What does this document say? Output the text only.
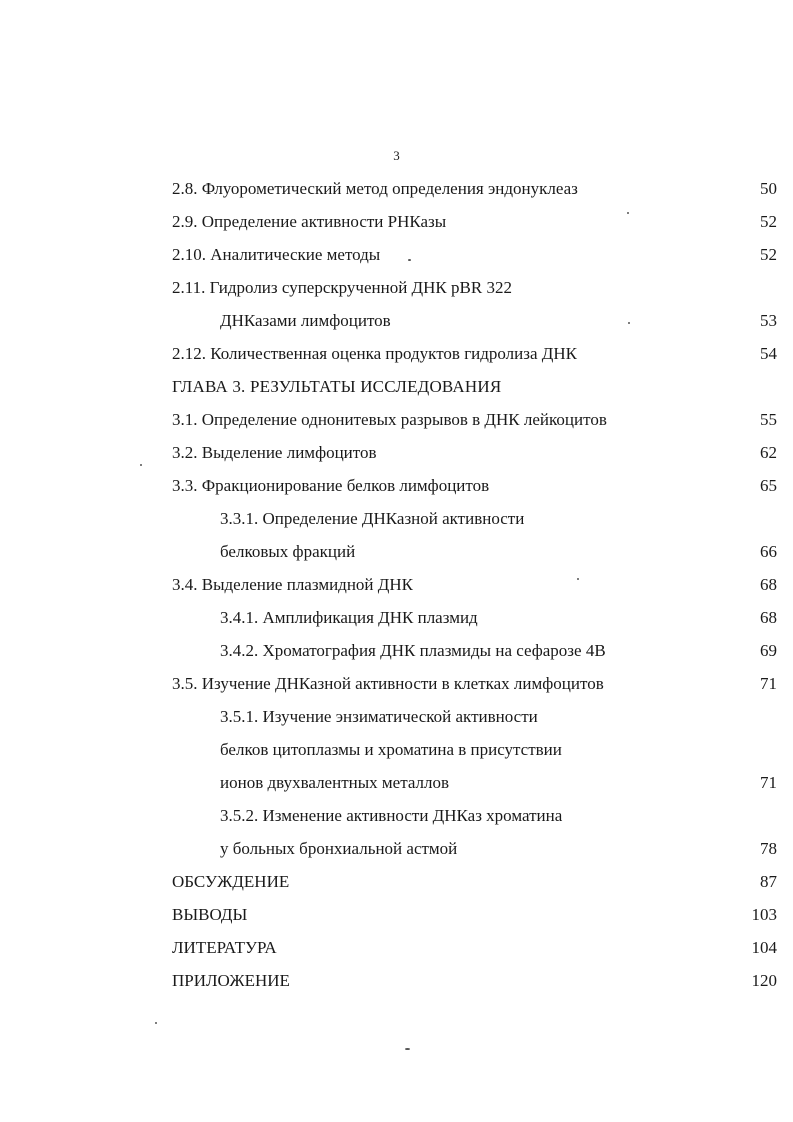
3
2.8. Флуорометический метод определения эндонуклеаз	50
2.9. Определение активности РНКазы	52
2.10. Аналитические методы	52
2.11. Гидролиз суперскрученной ДНК pBR 322
ДНКазами лимфоцитов	53
2.12. Количественная оценка продуктов гидролиза ДНК	54
ГЛАВА 3. РЕЗУЛЬТАТЫ ИССЛЕДОВАНИЯ
3.1. Определение однонитевых разрывов в ДНК лейкоцитов	55
3.2. Выделение лимфоцитов	62
3.3. Фракционирование белков лимфоцитов	65
3.3.1. Определение ДНКазной активности
белковых фракций	66
3.4. Выделение плазмидной ДНК	68
3.4.1. Амплификация ДНК плазмид	68
3.4.2. Хроматография ДНК плазмиды на сефарозе 4В	69
3.5. Изучение ДНКазной активности в клетках лимфоцитов	71
3.5.1. Изучение энзиматической активности
белков цитоплазмы и хроматина в присутствии
ионов двухвалентных металлов	71
3.5.2. Изменение активности ДНКаз хроматина
у больных бронхиальной астмой	78
ОБСУЖДЕНИЕ	87
ВЫВОДЫ	103
ЛИТЕРАТУРА	104
ПРИЛОЖЕНИЕ	120
